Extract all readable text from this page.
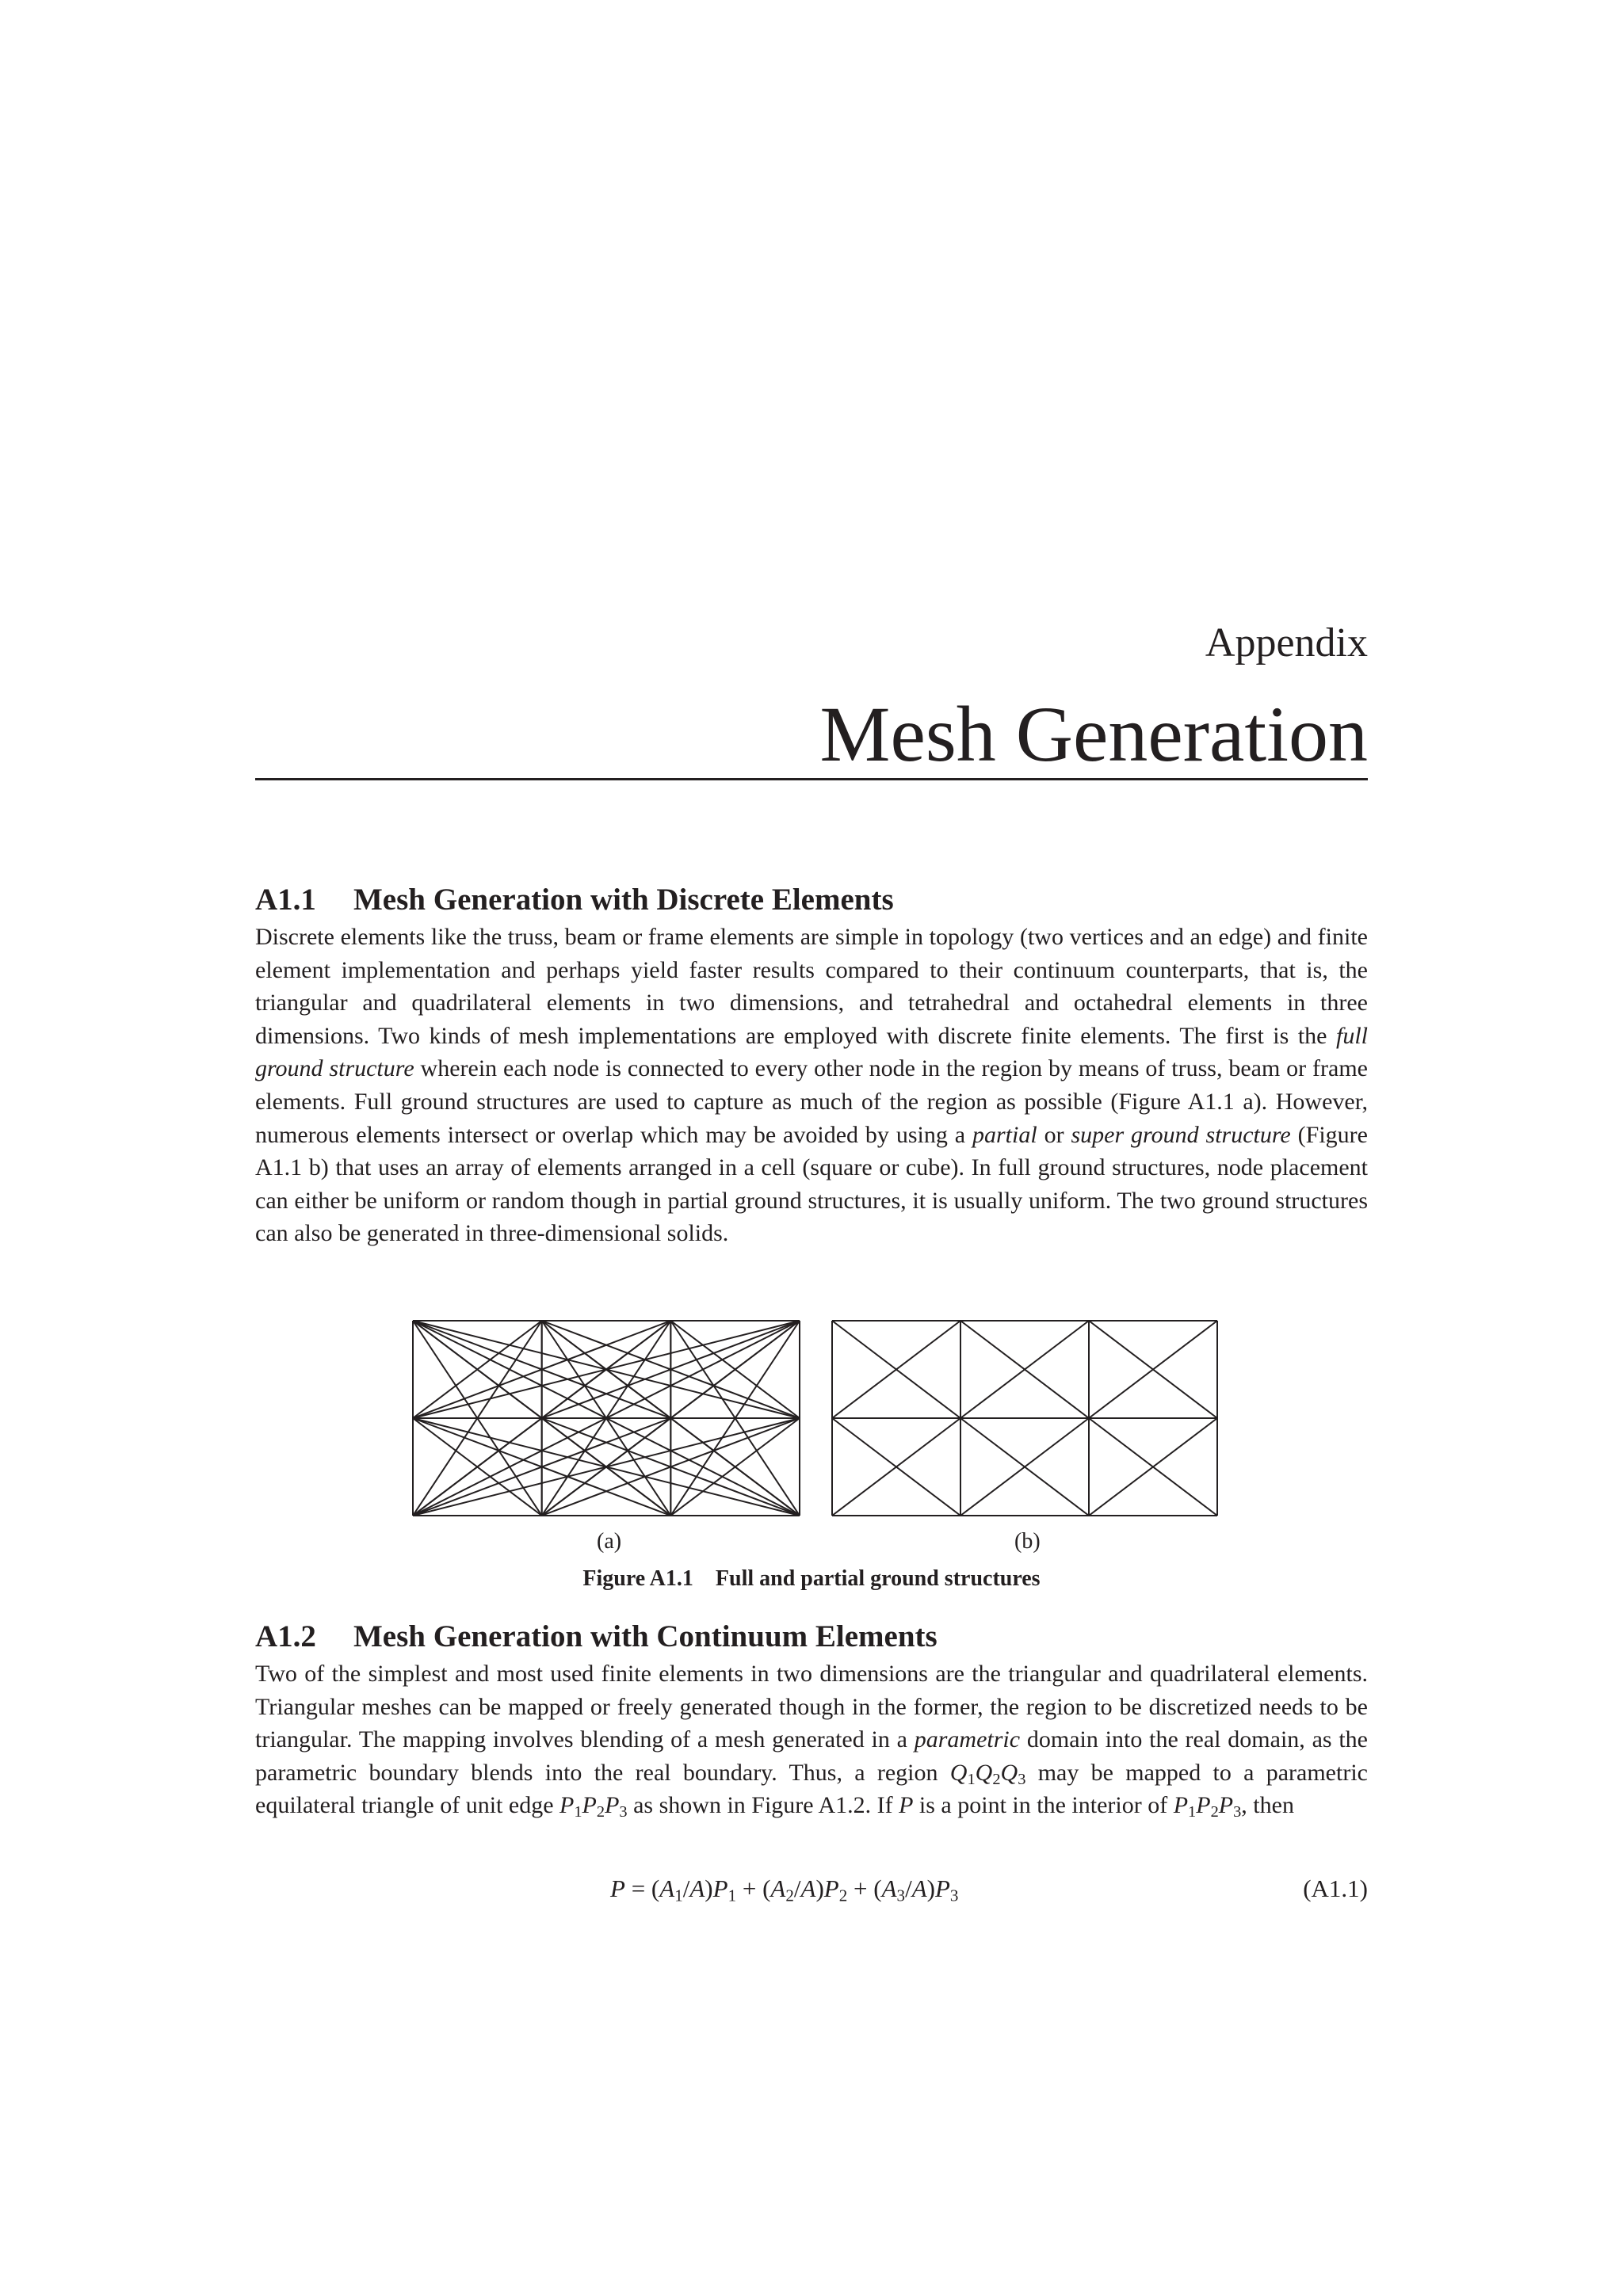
Appendix

Mesh Generation
A1.1 Mesh Generation with Discrete Elements

Discrete elements like the truss, beam or frame elements are simple in topology (two vertices and an edge) and finite element implementation and perhaps yield faster results compared to their continuum counterparts, that is, the triangular and quadrilateral elements in two dimensions, and tetrahedral and octahedral elements in three dimensions. Two kinds of mesh implementations are employed with discrete finite elements. The first is the full ground structure wherein each node is connected to every other node in the region by means of truss, beam or frame elements. Full ground structures are used to capture as much of the region as possible (Figure A1.1 a). However, numerous elements intersect or overlap which may be avoided by using a partial or super ground structure (Figure A1.1 b) that uses an array of elements arranged in a cell (square or cube). In full ground structures, node placement can either be uniform or random though in partial ground structures, it is usually uniform. The two ground structures can also be generated in three-dimensional solids.

(a)	(b)

Figure A1.1 Full and partial ground structures

A1.2 Mesh Generation with Continuum Elements

Two of the simplest and most used finite elements in two dimensions are the triangular and quadrilateral elements. Triangular meshes can be mapped or freely generated though in the former, the region to be discretized needs to be triangular. The mapping involves blending of a mesh generated in a parametric domain into the real domain, as the parametric boundary blends into the real boundary. Thus, a region $Q_1Q_2Q_3$ may be mapped to a parametric equilateral triangle of unit edge $P_1P_2P_3$ as shown in Figure A1.2. If P is a point in the interior of $P_1P_2P_3$, then

$P = (A_1/A)P_1 + (A_2/A)P_2 + (A_3/A)P_3$	(A1.1)
